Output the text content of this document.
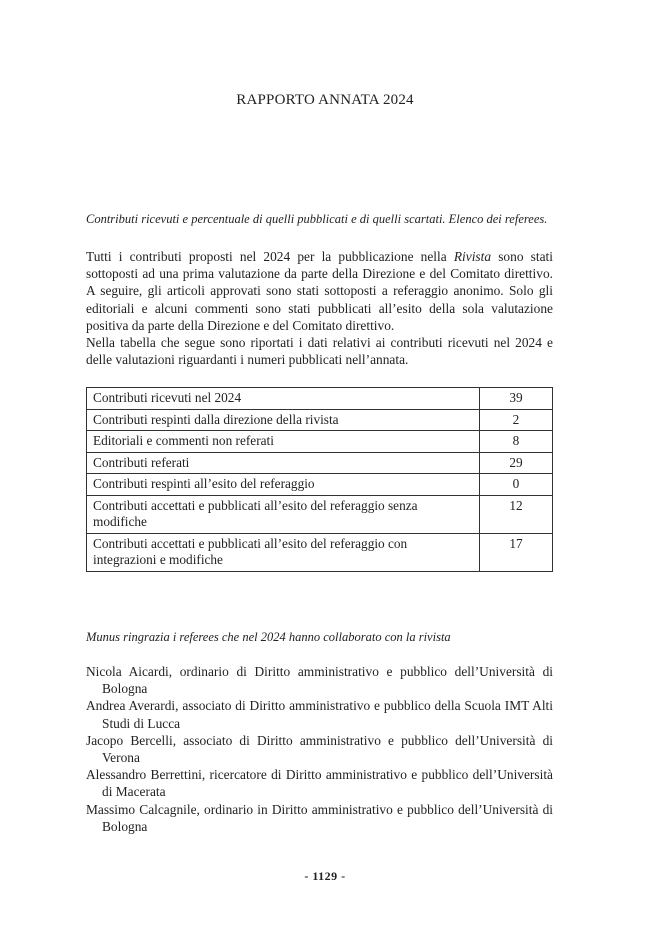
RAPPORTO ANNATA 2024
Contributi ricevuti e percentuale di quelli pubblicati e di quelli scartati. Elenco dei referees.

Tutti i contributi proposti nel 2024 per la pubblicazione nella Rivista sono stati sottoposti ad una prima valutazione da parte della Direzione e del Comitato direttivo. A seguire, gli articoli approvati sono stati sottoposti a referaggio anonimo. Solo gli editoriali e alcuni commenti sono stati pubblicati all’esito della sola valutazione positiva da parte della Direzione e del Comitato direttivo.

Nella tabella che segue sono riportati i dati relativi ai contributi ricevuti nel 2024 e delle valutazioni riguardanti i numeri pubblicati nell’annata.

Contributi ricevuti nel 2024	39
Contributi respinti dalla direzione della rivista	2
Editoriali e commenti non referati	8
Contributi referati	29
Contributi respinti all’esito del referaggio	0
Contributi accettati e pubblicati all’esito del referaggio senza modifiche	12
Contributi accettati e pubblicati all’esito del referaggio con integrazioni e modifiche	17
Munus ringrazia i referees che nel 2024 hanno collaborato con la rivista

Nicola Aicardi, ordinario di Diritto amministrativo e pubblico dell’Università di Bologna

Andrea Averardi, associato di Diritto amministrativo e pubblico della Scuola IMT Alti Studi di Lucca

Jacopo Bercelli, associato di Diritto amministrativo e pubblico dell’Università di Verona

Alessandro Berrettini, ricercatore di Diritto amministrativo e pubblico dell’Università di Macerata

Massimo Calcagnile, ordinario in Diritto amministrativo e pubblico dell’Università di Bologna

- 1129 -
